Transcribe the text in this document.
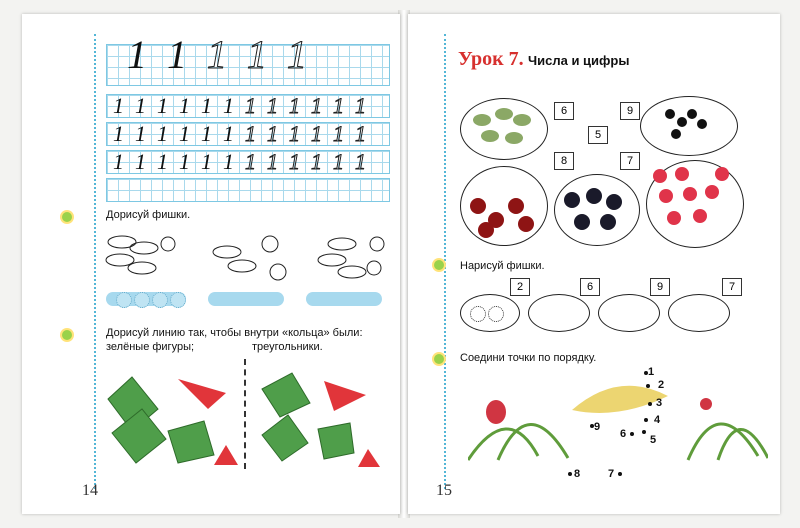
1 1 1 1 1
1 1 1 1 1 1 1 1 1 1 1 1
1 1 1 1 1 1 1 1 1 1 1 1
1 1 1 1 1 1 1 1 1 1 1 1
Дорисуй фишки.
Дорисуй линию так, чтобы внутри «кольца» были:
зелёные фигуры;	треугольники.
14
Урок 7. Числа и цифры
6	9
5
8	7
Нарисуй фишки.
2	6	9	7
Соедини точки по порядку.
1
2
3
4
5
6
7
8
9
15
